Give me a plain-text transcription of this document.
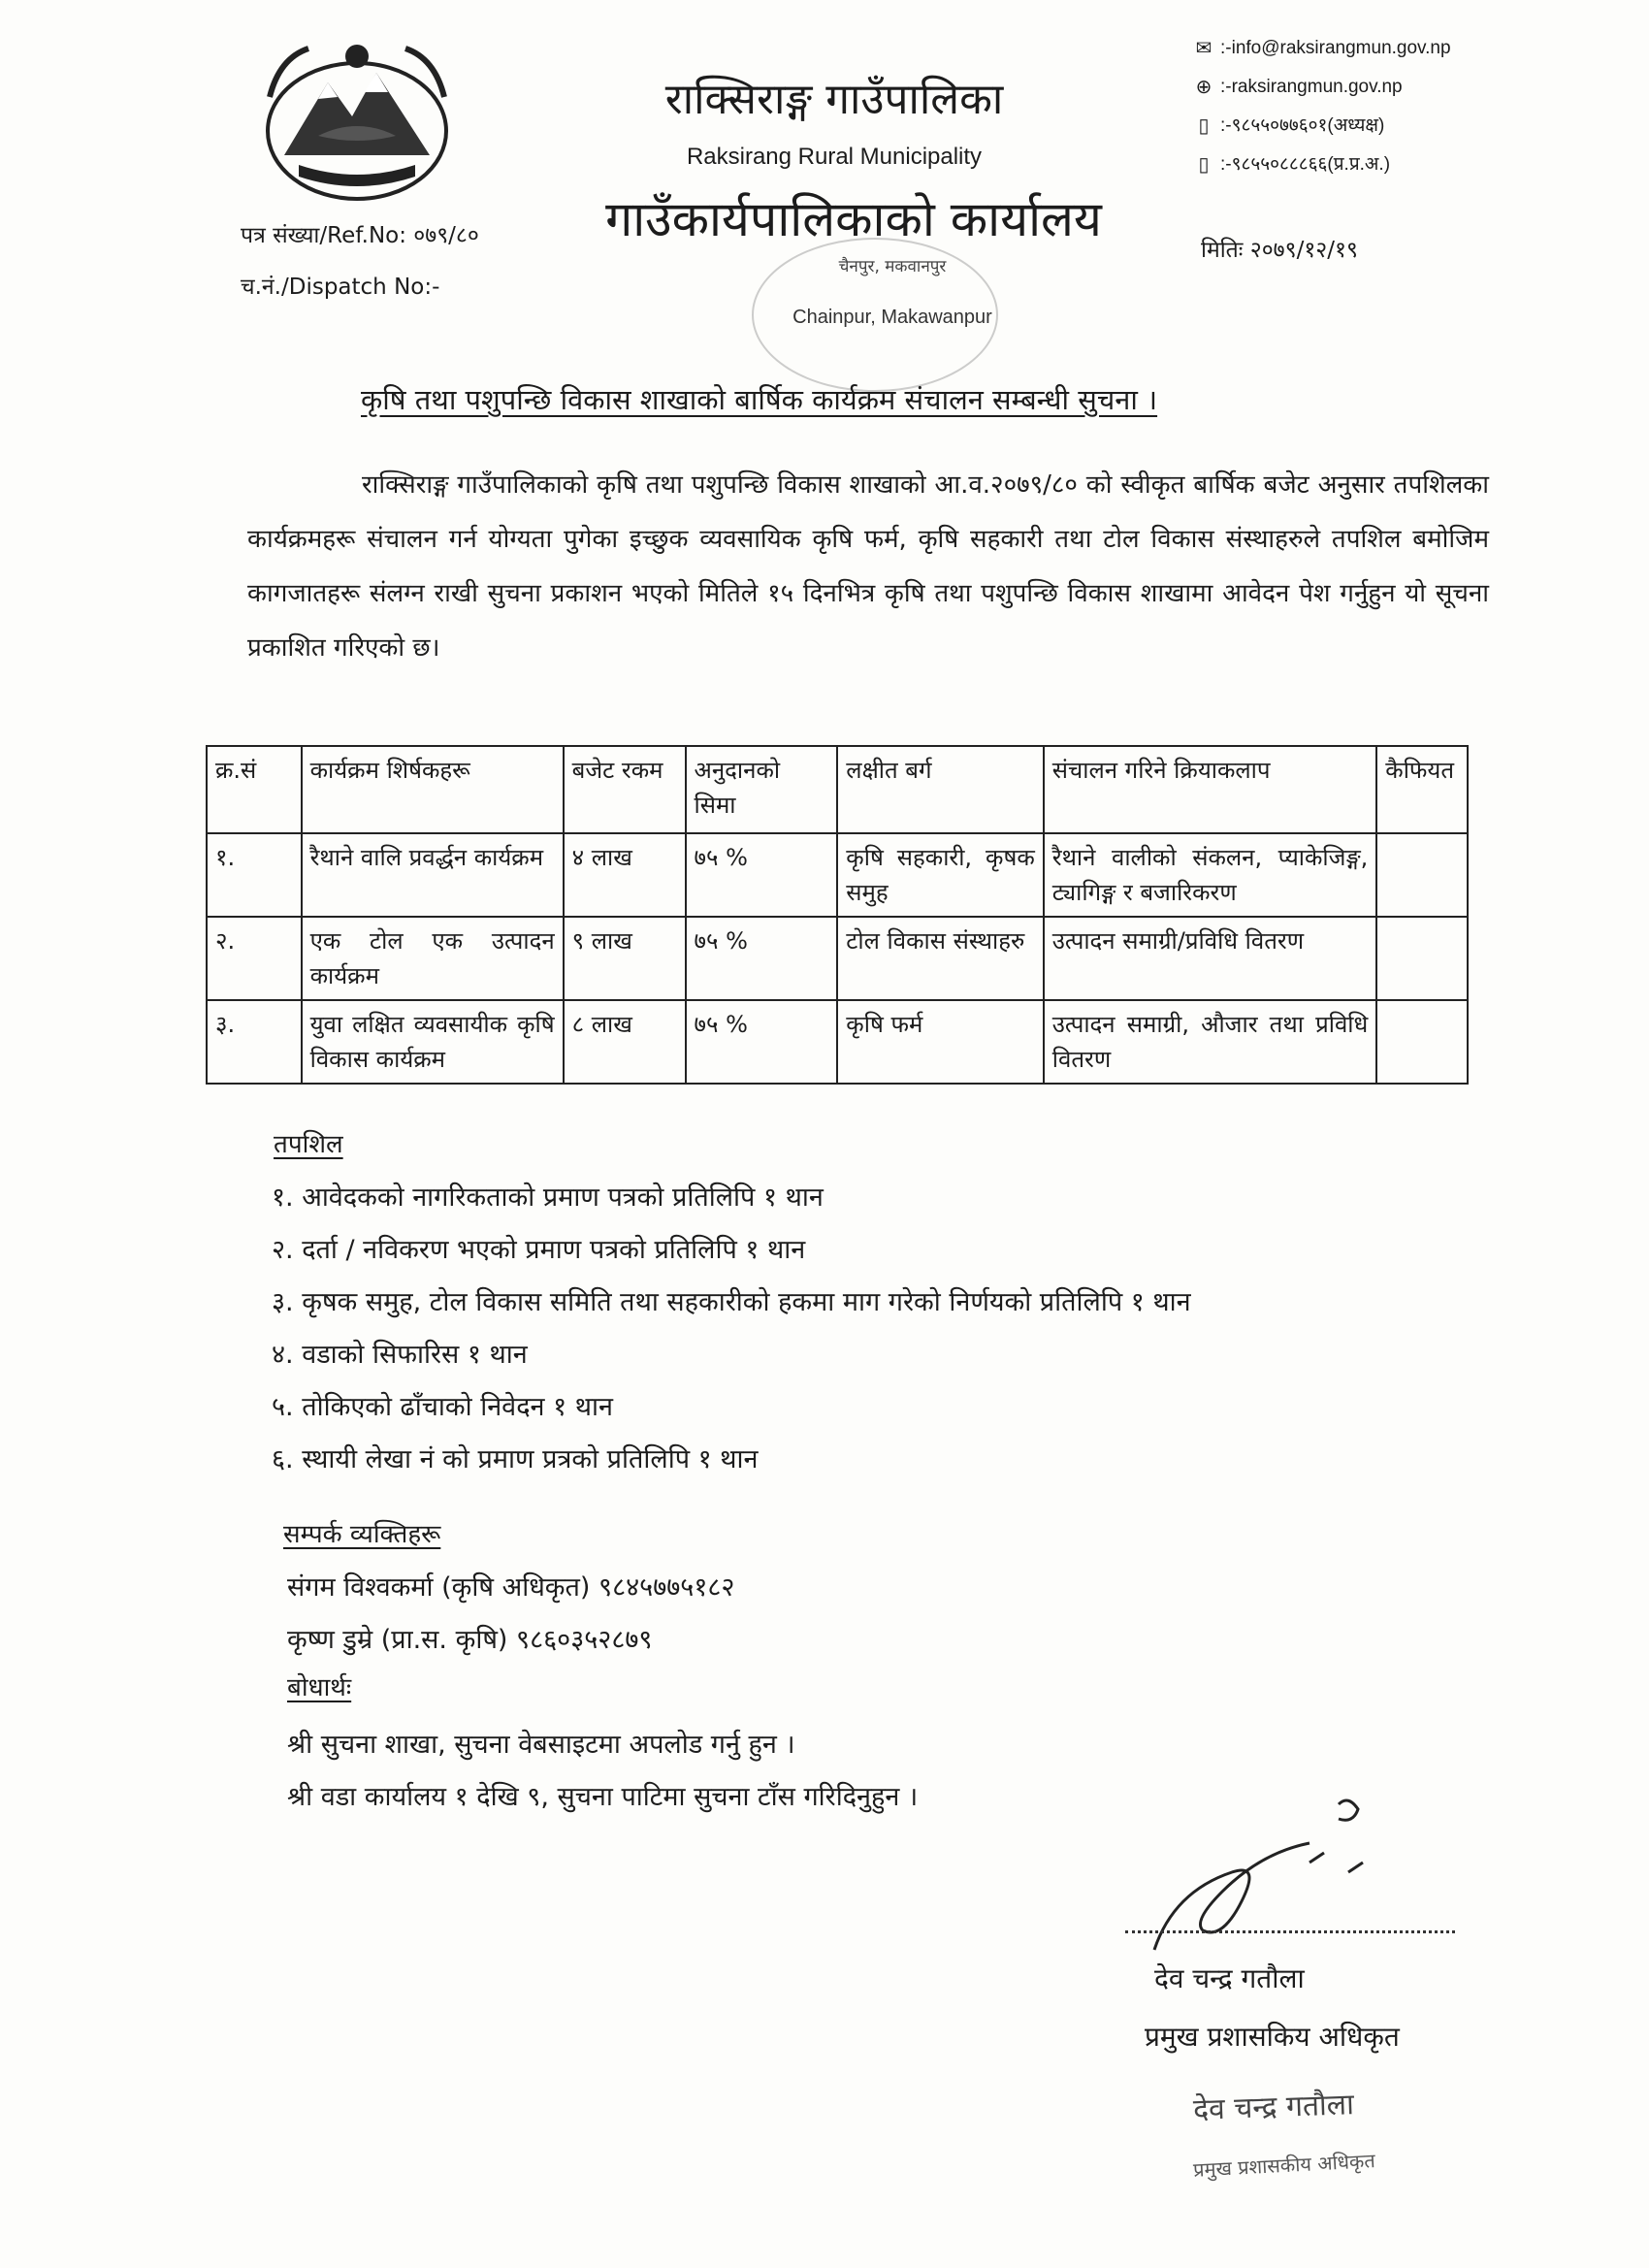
राक्सिराङ्ग गाउँपालिका
Raksirang Rural Municipality
गाउँकार्यपालिकाको कार्यालय
चैनपुर, मकवानपुर
Chainpur, Makawanpur
✉ :-info@raksirangmun.gov.np
⊕ :-raksirangmun.gov.np
▯ :-९८५५०७७६०१(अध्यक्ष)
▯ :-९८५५०८८८६६(प्र.प्र.अ.)
पत्र संख्या/Ref.No: ०७९/८०
च.नं./Dispatch No:-
मितिः २०७९/१२/१९
कृषि तथा पशुपन्छि विकास शाखाको बार्षिक कार्यक्रम संचालन सम्बन्धी सुचना ।
राक्सिराङ्ग गाउँपालिकाको कृषि तथा पशुपन्छि विकास शाखाको आ.व.२०७९/८० को स्वीकृत बार्षिक बजेट अनुसार तपशिलका कार्यक्रमहरू संचालन गर्न योग्यता पुगेका इच्छुक व्यवसायिक कृषि फर्म, कृषि सहकारी तथा टोल विकास संस्थाहरुले तपशिल बमोजिम कागजातहरू संलग्न राखी सुचना प्रकाशन भएको मितिले १५ दिनभित्र कृषि तथा पशुपन्छि विकास शाखामा आवेदन पेश गर्नुहुन यो सूचना प्रकाशित गरिएको छ।
क्र.सं	कार्यक्रम शिर्षकहरू	बजेट रकम	अनुदानको सिमा	लक्षीत बर्ग	संचालन गरिने क्रियाकलाप	कैफियत
१.	रैथाने वालि प्रवर्द्धन कार्यक्रम	४ लाख	७५ %	कृषि सहकारी, कृषक समुह	रैथाने वालीको संकलन, प्याकेजिङ्ग, ट्यागिङ्ग र बजारिकरण	
२.	एक टोल एक उत्पादन कार्यक्रम	९ लाख	७५ %	टोल विकास संस्थाहरु	उत्पादन समाग्री/प्रविधि वितरण	
३.	युवा लक्षित व्यवसायीक कृषि विकास कार्यक्रम	८ लाख	७५ %	कृषि फर्म	उत्पादन समाग्री, औजार तथा प्रविधि वितरण	
तपशिल
१. आवेदकको नागरिकताको प्रमाण पत्रको प्रतिलिपि १ थान
२. दर्ता / नविकरण भएको प्रमाण पत्रको प्रतिलिपि १ थान
३. कृषक समुह, टोल विकास समिति तथा सहकारीको हकमा माग गरेको निर्णयको प्रतिलिपि १ थान
४. वडाको सिफारिस १ थान
५. तोकिएको ढाँचाको निवेदन १ थान
६. स्थायी लेखा नं को प्रमाण प्रत्रको प्रतिलिपि १ थान
सम्पर्क व्यक्तिहरू
संगम विश्वकर्मा (कृषि अधिकृत) ९८४५७७५१८२
कृष्ण डुम्रे (प्रा.स. कृषि) ९८६०३५२८७९
बोधार्थः
श्री सुचना शाखा, सुचना वेबसाइटमा अपलोड गर्नु हुन ।
श्री वडा कार्यालय १ देखि ९, सुचना पाटिमा सुचना टाँस गरिदिनुहुन ।
देव चन्द्र गतौला
प्रमुख प्रशासकिय अधिकृत
देव चन्द्र गतौला
प्रमुख प्रशासकीय अधिकृत
